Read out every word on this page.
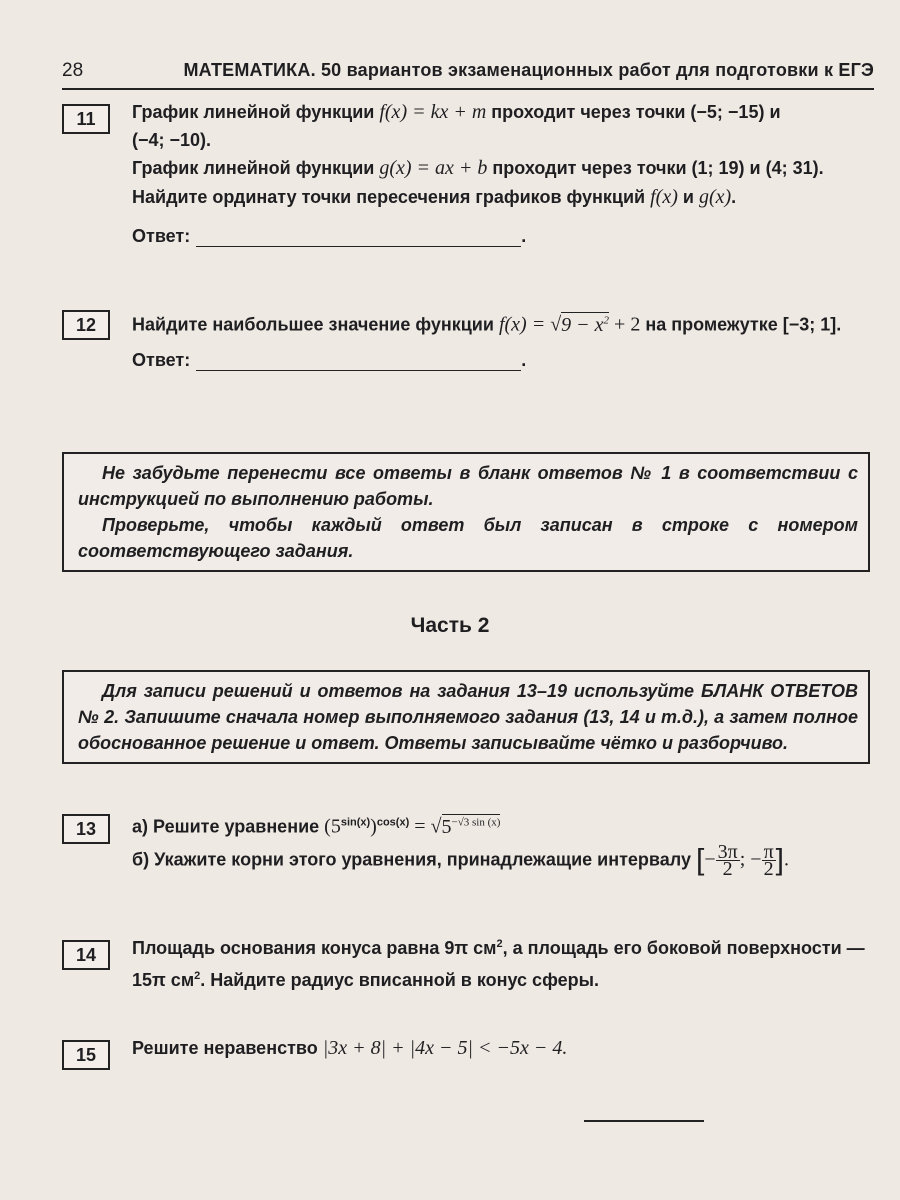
28	МАТЕМАТИКА. 50 вариантов экзаменационных работ для подготовки к ЕГЭ
11	График линейной функции f(x) = kx + m проходит через точки (−5; −15) и
(−4; −10).
График линейной функции g(x) = ax + b проходит через точки (1; 19) и (4; 31).
Найдите ординату точки пересечения графиков функций f(x) и g(x).
Ответ:	.
12	Найдите наибольшее значение функции $f(x) = √9 - x^2 + 2$ на промежутке [−3; 1].
Ответ:	.

Не забудьте перенести все ответы в бланк ответов № 1 в соответствии с инструкцией по выполнению работы.

Проверьте, чтобы каждый ответ был записан в строке с номером соответствующего задания.

Часть 2

Для записи решений и ответов на задания 13–19 используйте БЛАНК ОТВЕТОВ № 2. Запишите сначала номер выполняемого задания (13, 14 и т.д.), а затем полное обоснованное решение и ответ. Ответы записывайте чётко и разборчиво.

13	а) Решите уравнение $(5^{sin(x)})^{cos(x)} = √5^{-√3 sin (x)}$
б) Укажите корни этого уравнения, принадлежащие интервалу [− $\frac{3\pi}{2}$ ; − $\frac{\pi}{2}$ ].
14	Площадь основания конуса равна 9π $см^2$, а площадь его боковой поверхности —
15π $см^2$. Найдите радиус вписанной в конус сферы.
15	Решите неравенство |3x + 8| + |4x − 5| < −5x − 4.
